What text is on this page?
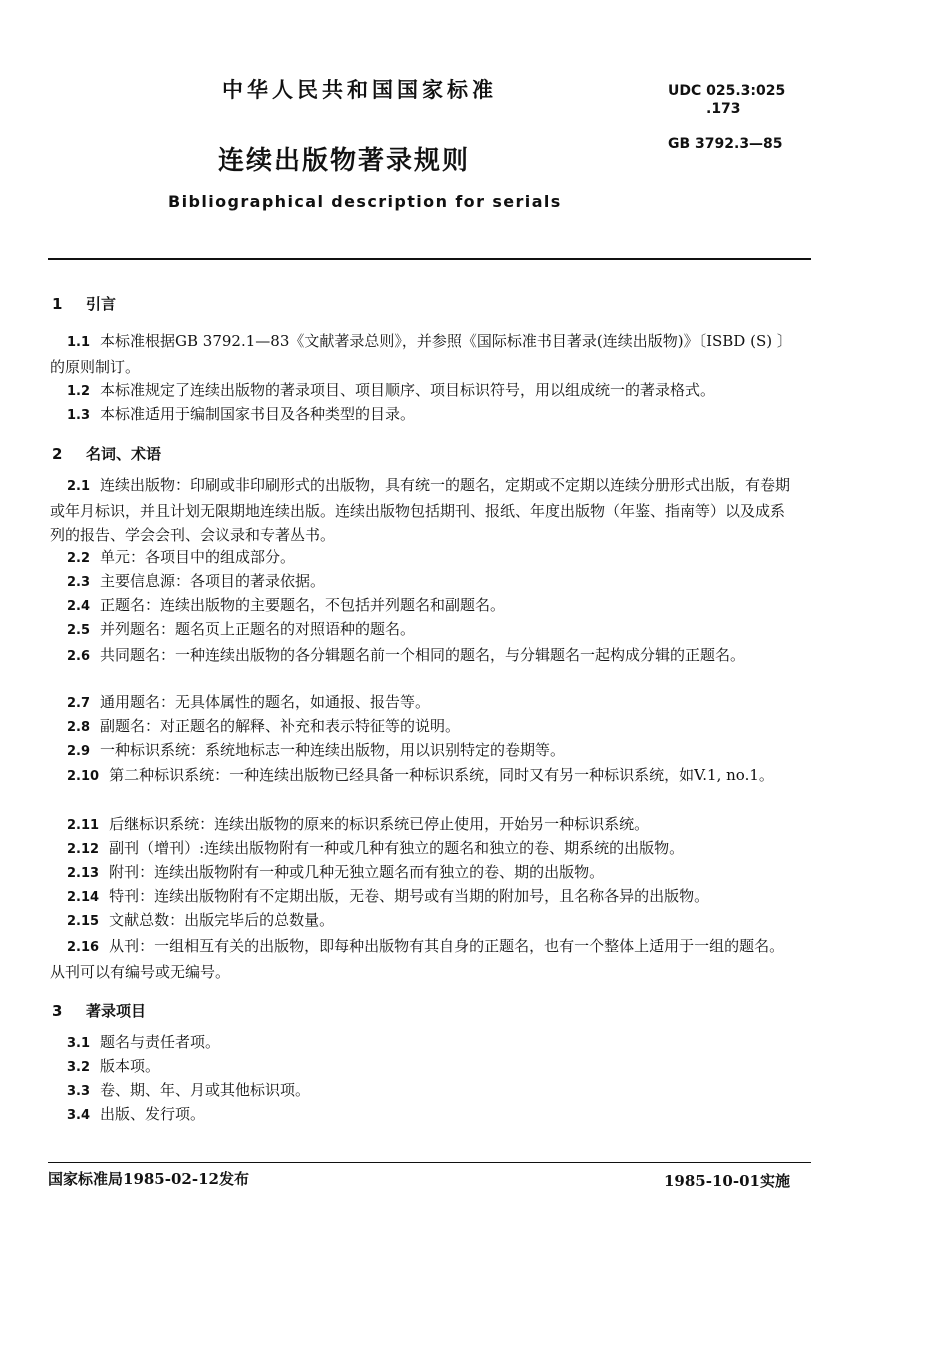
中华人民共和国国家标准	UDC 025.3:025
.173
GB 3792.3—85
连续出版物著录规则
Bibliographical description for serials
1 引言
1.1 本标准根据GB 3792.1—83《文献著录总则》，并参照《国际标准书目著录(连续出版物)》〔ISBD (S) 〕的原则制订。
1.2 本标准规定了连续出版物的著录项目、项目顺序、项目标识符号，用以组成统一的著录格式。
1.3 本标准适用于编制国家书目及各种类型的目录。
2 名词、术语
2.1 连续出版物：印刷或非印刷形式的出版物，具有统一的题名，定期或不定期以连续分册形式出版，有卷期或年月标识，并且计划无限期地连续出版。连续出版物包括期刊、报纸、年度出版物（年鉴、指南等）以及成系列的报告、学会会刊、会议录和专著丛书。
2.2 单元：各项目中的组成部分。
2.3 主要信息源：各项目的著录依据。
2.4 正题名：连续出版物的主要题名，不包括并列题名和副题名。
2.5 并列题名：题名页上正题名的对照语种的题名。
2.6 共同题名：一种连续出版物的各分辑题名前一个相同的题名，与分辑题名一起构成分辑的正题名。
2.7 通用题名：无具体属性的题名，如通报、报告等。
2.8 副题名：对正题名的解释、补充和表示特征等的说明。
2.9 一种标识系统：系统地标志一种连续出版物，用以识别特定的卷期等。
2.10 第二种标识系统：一种连续出版物已经具备一种标识系统，同时又有另一种标识系统，如V.1, no.1。
2.11 后继标识系统：连续出版物的原来的标识系统已停止使用，开始另一种标识系统。
2.12 副刊（增刊）:连续出版物附有一种或几种有独立的题名和独立的卷、期系统的出版物。
2.13 附刊：连续出版物附有一种或几种无独立题名而有独立的卷、期的出版物。
2.14 特刊：连续出版物附有不定期出版，无卷、期号或有当期的附加号，且名称各异的出版物。
2.15 文献总数：出版完毕后的总数量。
2.16 从刊：一组相互有关的出版物，即每种出版物有其自身的正题名，也有一个整体上适用于一组的题名。从刊可以有编号或无编号。
3 著录项目
3.1 题名与责任者项。
3.2 版本项。
3.3 卷、期、年、月或其他标识项。
3.4 出版、发行项。
国家标准局1985-02-12发布	1985-10-01实施
